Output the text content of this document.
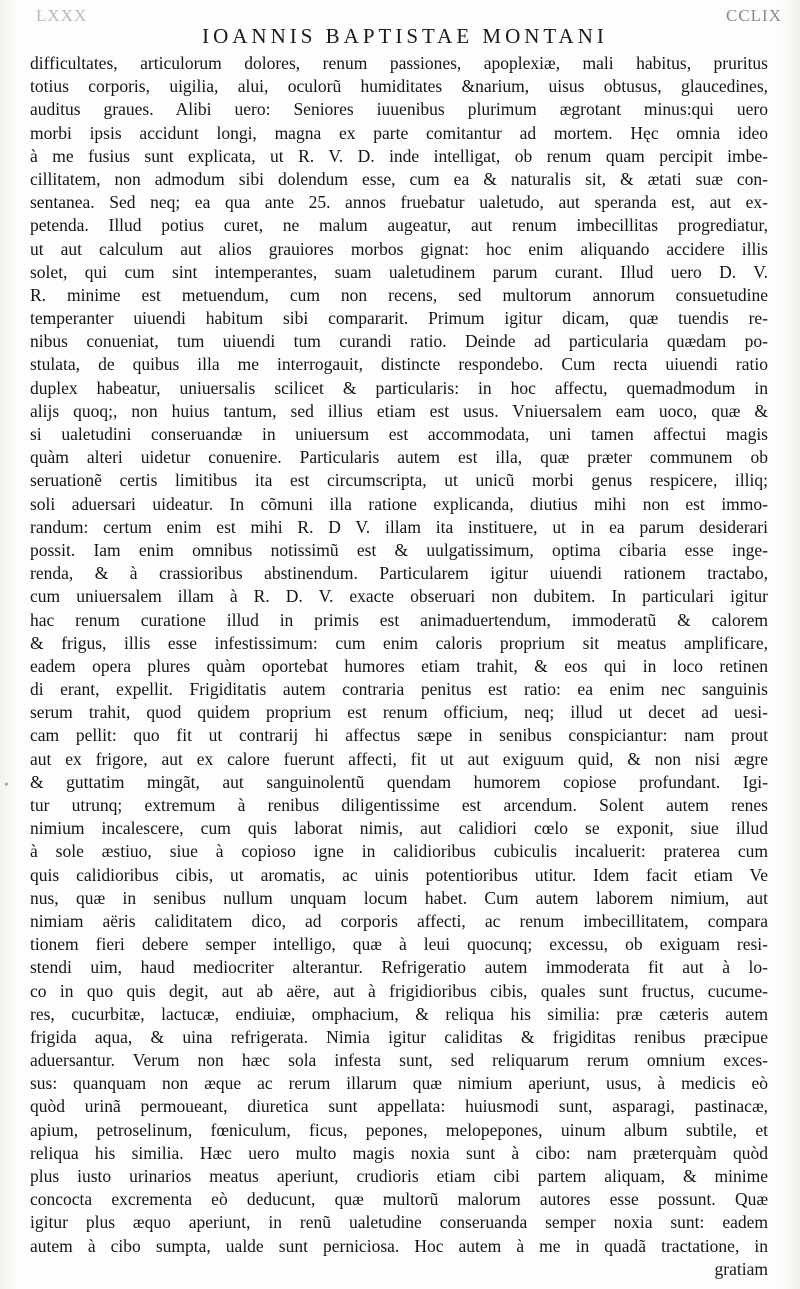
LXXX	CCLIX
IOANNIS BAPTISTAE MONTANI
•
difficultates, articulorum dolores, renum passiones, apoplexiæ, mali habitus, pruritus
totius corporis, uigilia, alui, oculorũ humiditates &narium, uisus obtusus, glaucedines,
auditus graues. Alibi uero: Seniores iuuenibus plurimum ægrotant minus:qui uero
morbi ipsis accidunt longi, magna ex parte comitantur ad mortem. Hęc omnia ideo
à me fusius sunt explicata, ut R. V. D. inde intelligat, ob renum quam percipit imbe-
cillitatem, non admodum sibi dolendum esse, cum ea & naturalis sit, & ætati suæ con-
sentanea. Sed neq; ea qua ante 25. annos fruebatur ualetudo, aut speranda est, aut ex-
petenda. Illud potius curet, ne malum augeatur, aut renum imbecillitas progrediatur,
ut aut calculum aut alios grauiores morbos gignat: hoc enim aliquando accidere illis
solet, qui cum sint intemperantes, suam ualetudinem parum curant. Illud uero D. V.
R. minime est metuendum, cum non recens, sed multorum annorum consuetudine
temperanter uiuendi habitum sibi compararit. Primum igitur dicam, quæ tuendis re-
nibus conueniat, tum uiuendi tum curandi ratio. Deinde ad particularia quædam po-
stulata, de quibus illa me interrogauit, distincte respondebo. Cum recta uiuendi ratio
duplex habeatur, uniuersalis scilicet & particularis: in hoc affectu, quemadmodum in
alijs quoq;, non huius tantum, sed illius etiam est usus. Vniuersalem eam uoco, quæ &
si ualetudini conseruandæ in uniuersum est accommodata, uni tamen affectui magis
quàm alteri uidetur conuenire. Particularis autem est illa, quæ præter communem ob
seruationẽ certis limitibus ita est circumscripta, ut unicũ morbi genus respicere, illiq;
soli aduersari uideatur. In cõmuni illa ratione explicanda, diutius mihi non est immo-
randum: certum enim est mihi R. D V. illam ita instituere, ut in ea parum desiderari
possit. Iam enim omnibus notissimũ est & uulgatissimum, optima cibaria esse inge-
renda, & à crassioribus abstinendum. Particularem igitur uiuendi rationem tractabo,
cum uniuersalem illam à R. D. V. exacte obseruari non dubitem. In particulari igitur
hac renum curatione illud in primis est animaduertendum, immoderatũ & calorem
& frigus, illis esse infestissimum: cum enim caloris proprium sit meatus amplificare,
eadem opera plures quàm oportebat humores etiam trahit, & eos qui in loco retinen
di erant, expellit. Frigiditatis autem contraria penitus est ratio: ea enim nec sanguinis
serum trahit, quod quidem proprium est renum officium, neq; illud ut decet ad uesi-
cam pellit: quo fit ut contrarij hi affectus sæpe in senibus conspiciantur: nam prout
aut ex frigore, aut ex calore fuerunt affecti, fit ut aut exiguum quid, & non nisi ægre
& guttatim mingãt, aut sanguinolentũ quendam humorem copiose profundant. Igi-
tur utrunq; extremum à renibus diligentissime est arcendum. Solent autem renes
nimium incalescere, cum quis laborat nimis, aut calidiori cœlo se exponit, siue illud
à sole æstiuo, siue à copioso igne in calidioribus cubiculis incaluerit: praterea cum
quis calidioribus cibis, ut aromatis, ac uinis potentioribus utitur. Idem facit etiam Ve
nus, quæ in senibus nullum unquam locum habet. Cum autem laborem nimium, aut
nimiam aëris caliditatem dico, ad corporis affecti, ac renum imbecillitatem, compara
tionem fieri debere semper intelligo, quæ à leui quocunq; excessu, ob exiguam resi-
stendi uim, haud mediocriter alterantur. Refrigeratio autem immoderata fit aut à lo-
co in quo quis degit, aut ab aëre, aut à frigidioribus cibis, quales sunt fructus, cucume-
res, cucurbitæ, lactucæ, endiuiæ, omphacium, & reliqua his similia: præ cæteris autem
frigida aqua, & uina refrigerata. Nimia igitur caliditas & frigiditas renibus præcipue
aduersantur. Verum non hæc sola infesta sunt, sed reliquarum rerum omnium exces-
sus: quanquam non æque ac rerum illarum quæ nimium aperiunt, usus, à medicis eò
quòd urinã permoueant, diuretica sunt appellata: huiusmodi sunt, asparagi, pastinacæ,
apium, petroselinum, fœniculum, ficus, pepones, melopepones, uinum album subtile, et
reliqua his similia. Hæc uero multo magis noxia sunt à cibo: nam præterquàm quòd
plus iusto urinarios meatus aperiunt, crudioris etiam cibi partem aliquam, & minime
concocta excrementa eò deducunt, quæ multorũ malorum autores esse possunt. Quæ
igitur plus æquo aperiunt, in renũ ualetudine conseruanda semper noxia sunt: eadem
autem à cibo sumpta, ualde sunt perniciosa. Hoc autem à me in quadã tractatione, in
gratiam
